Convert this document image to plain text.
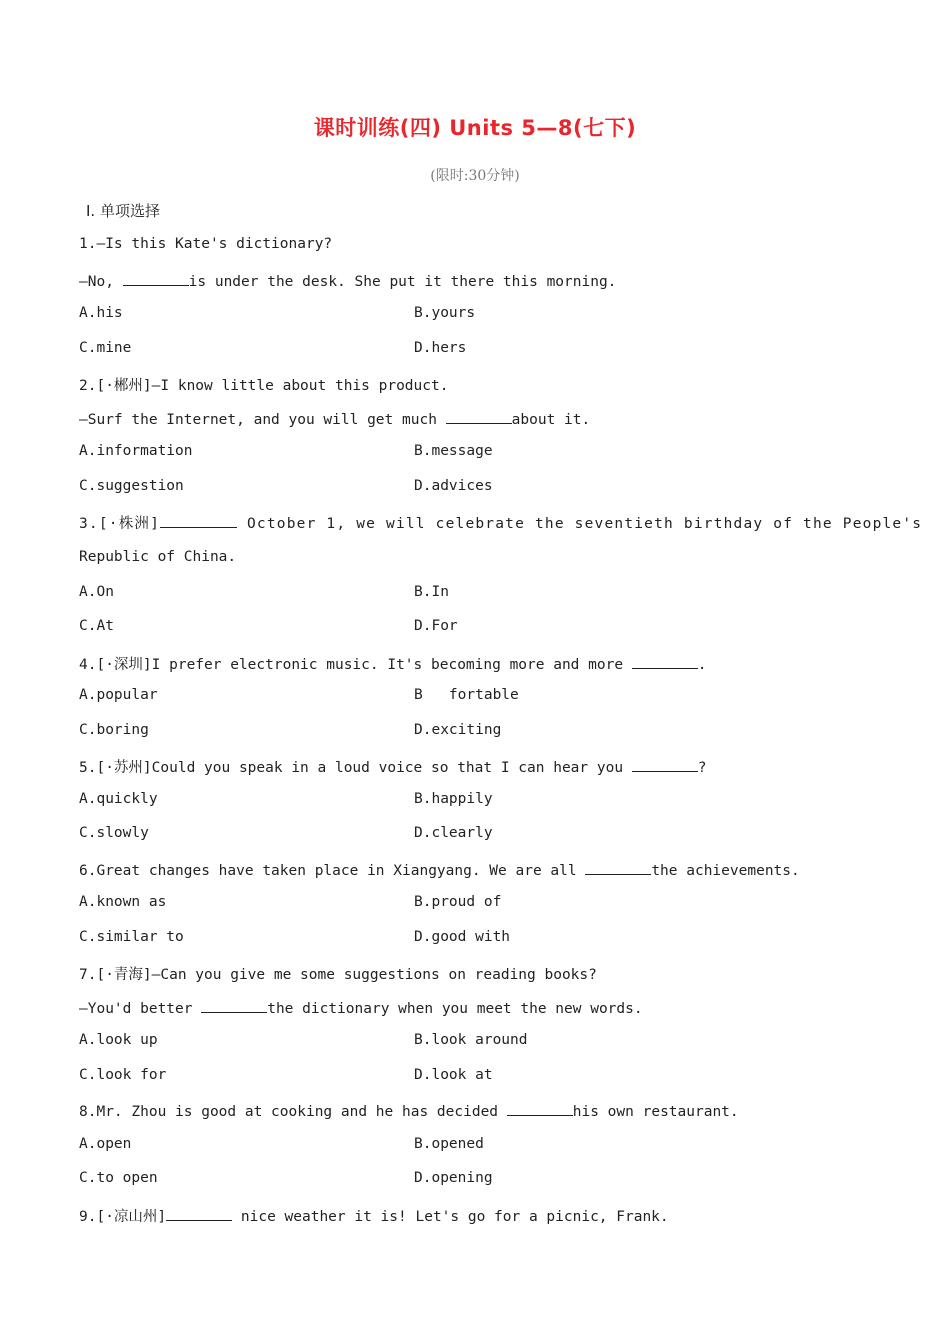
课时训练(四) Units 5—8(七下)
(限时:30分钟)
Ⅰ. 单项选择
1.—Is this Kate's dictionary?
—No,	is under the desk. She put it there this morning.
A.his	B.yours
C.mine	D.hers
2.[·郴州]—I know little about this product.
—Surf the Internet, and you will get much	about it.
A.information	B.message
C.suggestion	D.advices
3.[·株洲]	October 1, we will celebrate the seventieth birthday of the People's
Republic of China.
A.On	B.In
C.At	D.For
4.[·深圳]I prefer electronic music. It's becoming more and more	.
A.popular	B   fortable
C.boring	D.exciting
5.[·苏州]Could you speak in a loud voice so that I can hear you	?
A.quickly	B.happily
C.slowly	D.clearly
6.Great changes have taken place in Xiangyang. We are all	the achievements.
A.known as	B.proud of
C.similar to	D.good with
7.[·青海]—Can you give me some suggestions on reading books?
—You'd better	the dictionary when you meet the new words.
A.look up	B.look around
C.look for	D.look at
8.Mr. Zhou is good at cooking and he has decided	his own restaurant.
A.open	B.opened
C.to open	D.opening
9.[·凉山州]	nice weather it is! Let's go for a picnic, Frank.
